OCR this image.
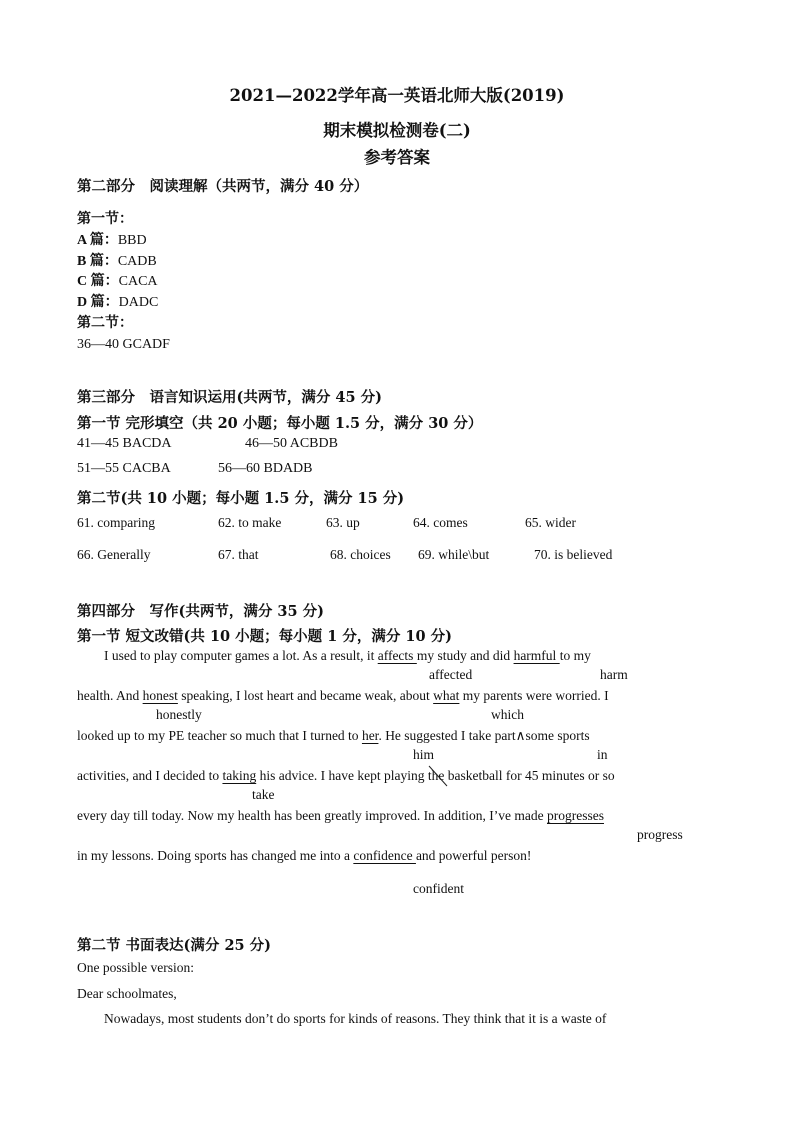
2021—2022学年高一英语北师大版(2019)
期末模拟检测卷(二)
参考答案
第二部分　阅读理解（共两节，满分 40 分）
第一节：
A 篇：BBD
B 篇：CADB
C 篇：CACA
D 篇：DADC
第二节：
36—40 GCADF
第三部分　语言知识运用(共两节，满分 45 分)
第一节 完形填空（共 20 小题；每小题 1.5 分，满分 30 分）
41—45 BACDA	46—50 ACBDB
51—55 CACBA	56—60 BDADB
第二节(共 10 小题；每小题 1.5 分，满分 15 分)
61. comparing	62. to make	63. up	64. comes	65. wider
66. Generally	67. that	68. choices 69. while\but	70. is believed
第四部分　写作(共两节，满分 35 分)
第一节 短文改错(共 10 小题；每小题 1 分，满分 10 分)
I used to play computer games a lot. As a result, it affects my study and did harmful to my
affected	harm
health. And honest speaking, I lost heart and became weak, about what my parents were worried. I
honestly	which
looked up to my PE teacher so much that I turned to her. He suggested I take part∧some sports
him	in
activities, and I decided to taking his advice. I have kept playing the
basketball for 45 minutes or so
take
every day till today. Now my health has been greatly improved. In addition, I’ve made progresses
progress
in my lessons. Doing sports has changed me into a confidence and powerful person!
confident
第二节 书面表达(满分 25 分)
One possible version:
Dear schoolmates,
Nowadays, most students don’t do sports for kinds of reasons. They think that it is a waste of
